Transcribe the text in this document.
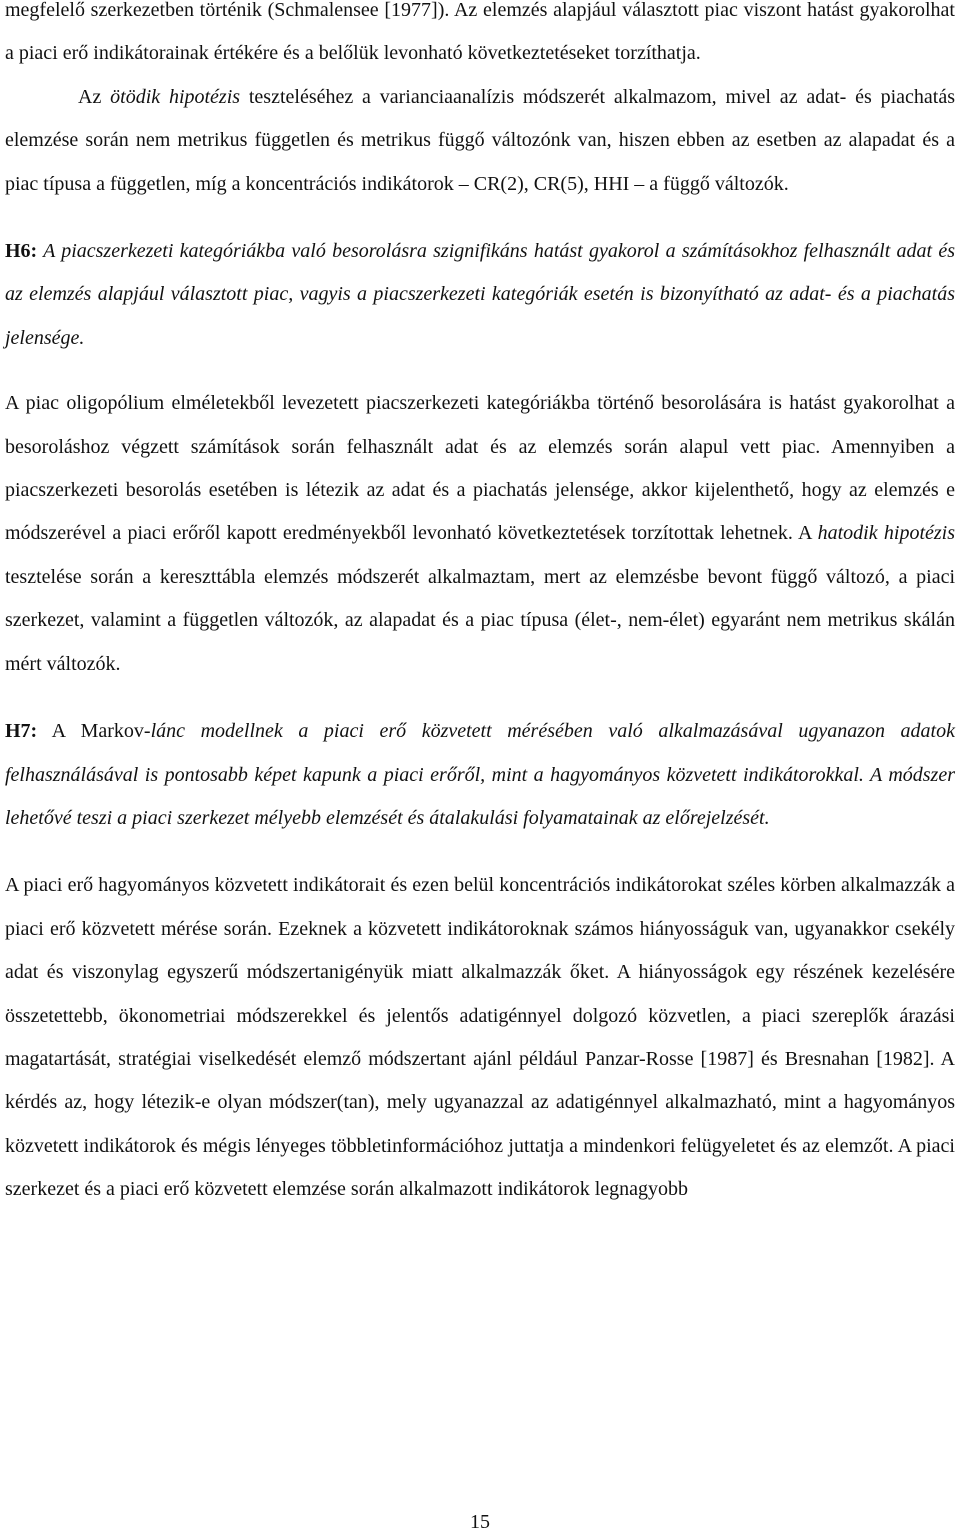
megfelelő szerkezetben történik (Schmalensee [1977]). Az elemzés alapjául választott piac viszont hatást gyakorolhat a piaci erő indikátorainak értékére és a belőlük levonható következtetéseket torzíthatja.

Az ötödik hipotézis teszteléséhez a varianciaanalízis módszerét alkalmazom, mivel az adat- és piachatás elemzése során nem metrikus független és metrikus függő változónk van, hiszen ebben az esetben az alapadat és a piac típusa a független, míg a koncentrációs indikátorok – CR(2), CR(5), HHI – a függő változók.

H6: A piacszerkezeti kategóriákba való besorolásra szignifikáns hatást gyakorol a számításokhoz felhasznált adat és az elemzés alapjául választott piac, vagyis a piacszerkezeti kategóriák esetén is bizonyítható az adat- és a piachatás jelensége.

A piac oligopólium elméletekből levezetett piacszerkezeti kategóriákba történő besorolására is hatást gyakorolhat a besoroláshoz végzett számítások során felhasznált adat és az elemzés során alapul vett piac. Amennyiben a piacszerkezeti besorolás esetében is létezik az adat és a piachatás jelensége, akkor kijelenthető, hogy az elemzés e módszerével a piaci erőről kapott eredményekből levonható következtetések torzítottak lehetnek. A hatodik hipotézis tesztelése során a kereszttábla elemzés módszerét alkalmaztam, mert az elemzésbe bevont függő változó, a piaci szerkezet, valamint a független változók, az alapadat és a piac típusa (élet-, nem-élet) egyaránt nem metrikus skálán mért változók.

H7: A Markov-lánc modellnek a piaci erő közvetett mérésében való alkalmazásával ugyanazon adatok felhasználásával is pontosabb képet kapunk a piaci erőről, mint a hagyományos közvetett indikátorokkal. A módszer lehetővé teszi a piaci szerkezet mélyebb elemzését és átalakulási folyamatainak az előrejelzését.

A piaci erő hagyományos közvetett indikátorait és ezen belül koncentrációs indikátorokat széles körben alkalmazzák a piaci erő közvetett mérése során. Ezeknek a közvetett indikátoroknak számos hiányosságuk van, ugyanakkor csekély adat és viszonylag egyszerű módszertanigényük miatt alkalmazzák őket. A hiányosságok egy részének kezelésére összetettebb, ökonometriai módszerekkel és jelentős adatigénnyel dolgozó közvetlen, a piaci szereplők árazási magatartását, stratégiai viselkedését elemző módszertant ajánl például Panzar-Rosse [1987] és Bresnahan [1982]. A kérdés az, hogy létezik-e olyan módszer(tan), mely ugyanazzal az adatigénnyel alkalmazható, mint a hagyományos közvetett indikátorok és mégis lényeges többletinformációhoz juttatja a mindenkori felügyeletet és az elemzőt. A piaci szerkezet és a piaci erő közvetett elemzése során alkalmazott indikátorok legnagyobb

15
